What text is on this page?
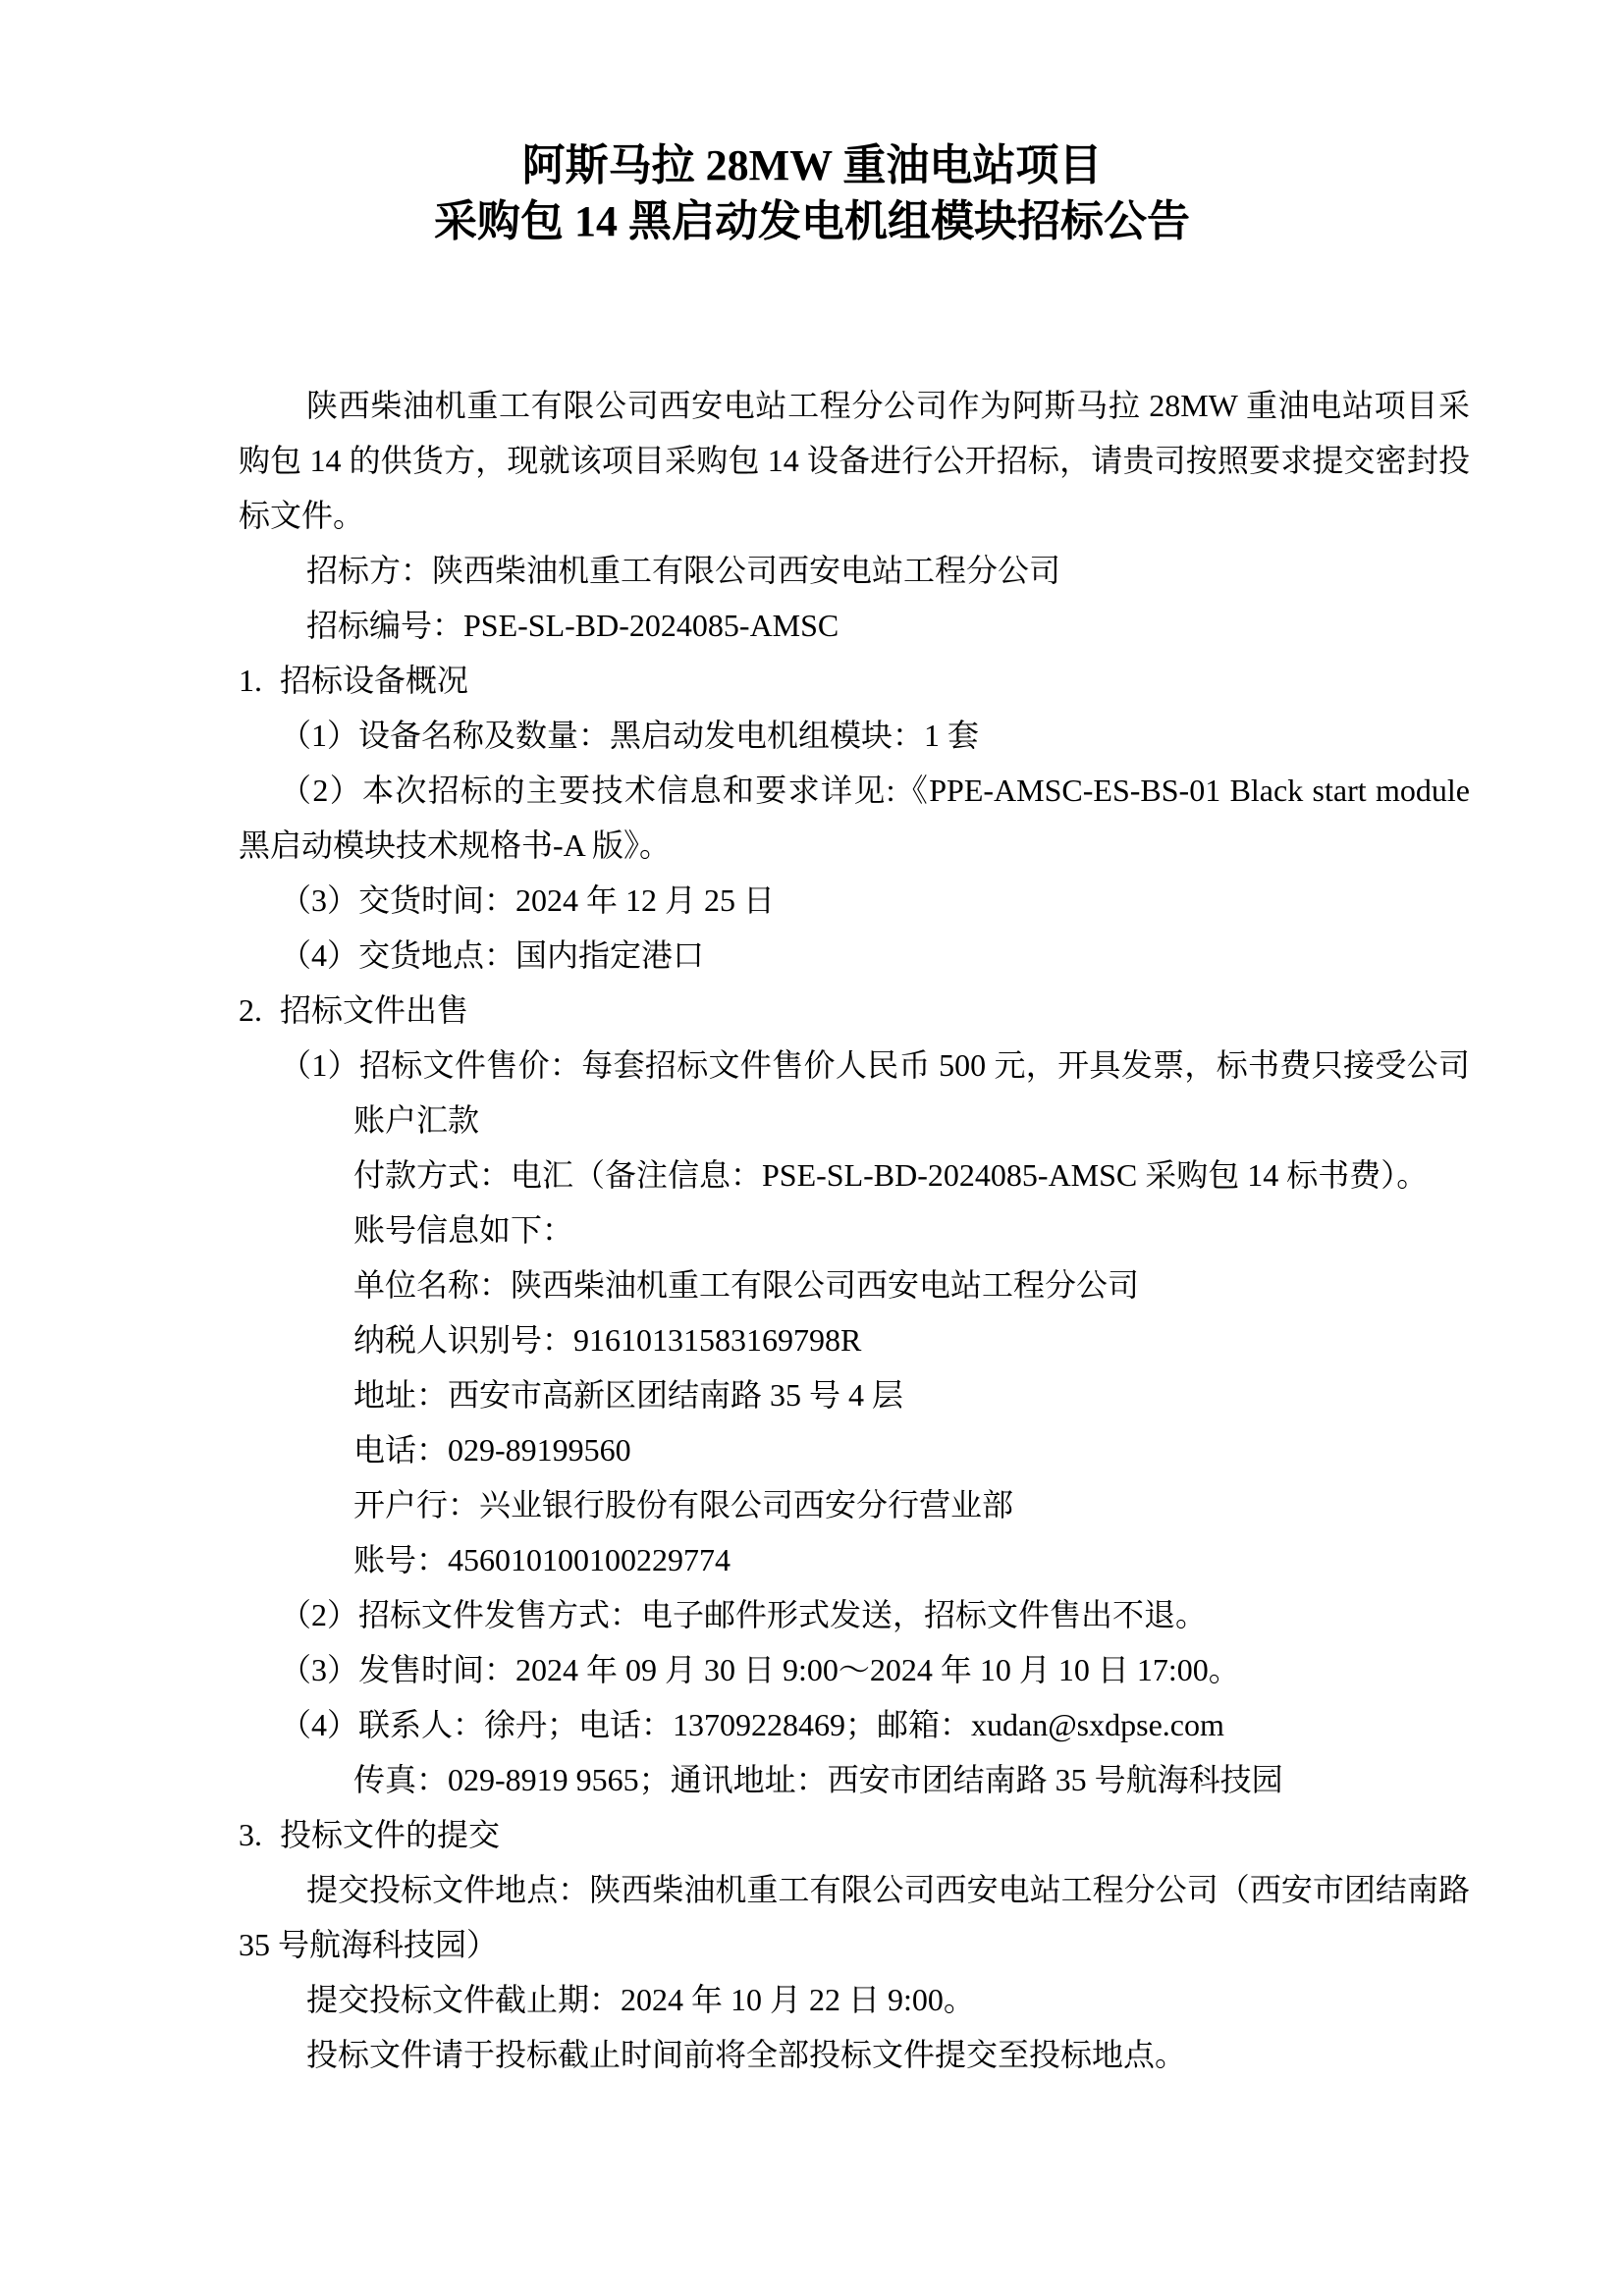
阿斯马拉 28MW 重油电站项目
采购包 14 黑启动发电机组模块招标公告
陕西柴油机重工有限公司西安电站工程分公司作为阿斯马拉 28MW 重油电站项目采购包 14 的供货方，现就该项目采购包 14 设备进行公开招标，请贵司按照要求提交密封投标文件。
招标方：陕西柴油机重工有限公司西安电站工程分公司
招标编号：PSE-SL-BD-2024085-AMSC
1. 招标设备概况
（1）设备名称及数量：黑启动发电机组模块：1 套
（2）本次招标的主要技术信息和要求详见:《PPE-AMSC-ES-BS-01 Black start module 黑启动模块技术规格书-A 版》。
（3）交货时间：2024 年 12 月 25 日
（4）交货地点：国内指定港口
2. 招标文件出售
（1）招标文件售价：每套招标文件售价人民币 500 元，开具发票，标书费只接受公司账户汇款
付款方式：电汇（备注信息：PSE-SL-BD-2024085-AMSC 采购包 14 标书费）。
账号信息如下：
单位名称：陕西柴油机重工有限公司西安电站工程分公司
纳税人识别号：91610131583169798R
地址：西安市高新区团结南路 35 号 4 层
电话：029-89199560
开户行：兴业银行股份有限公司西安分行营业部
账号：456010100100229774
（2）招标文件发售方式：电子邮件形式发送，招标文件售出不退。
（3）发售时间：2024 年 09 月 30 日 9:00～2024 年 10 月 10 日 17:00。
（4）联系人：徐丹；电话：13709228469；邮箱：xudan@sxdpse.com
传真：029-8919 9565；通讯地址：西安市团结南路 35 号航海科技园
3. 投标文件的提交
提交投标文件地点：陕西柴油机重工有限公司西安电站工程分公司（西安市团结南路 35 号航海科技园）
提交投标文件截止期：2024 年 10 月 22 日 9:00。
投标文件请于投标截止时间前将全部投标文件提交至投标地点。
